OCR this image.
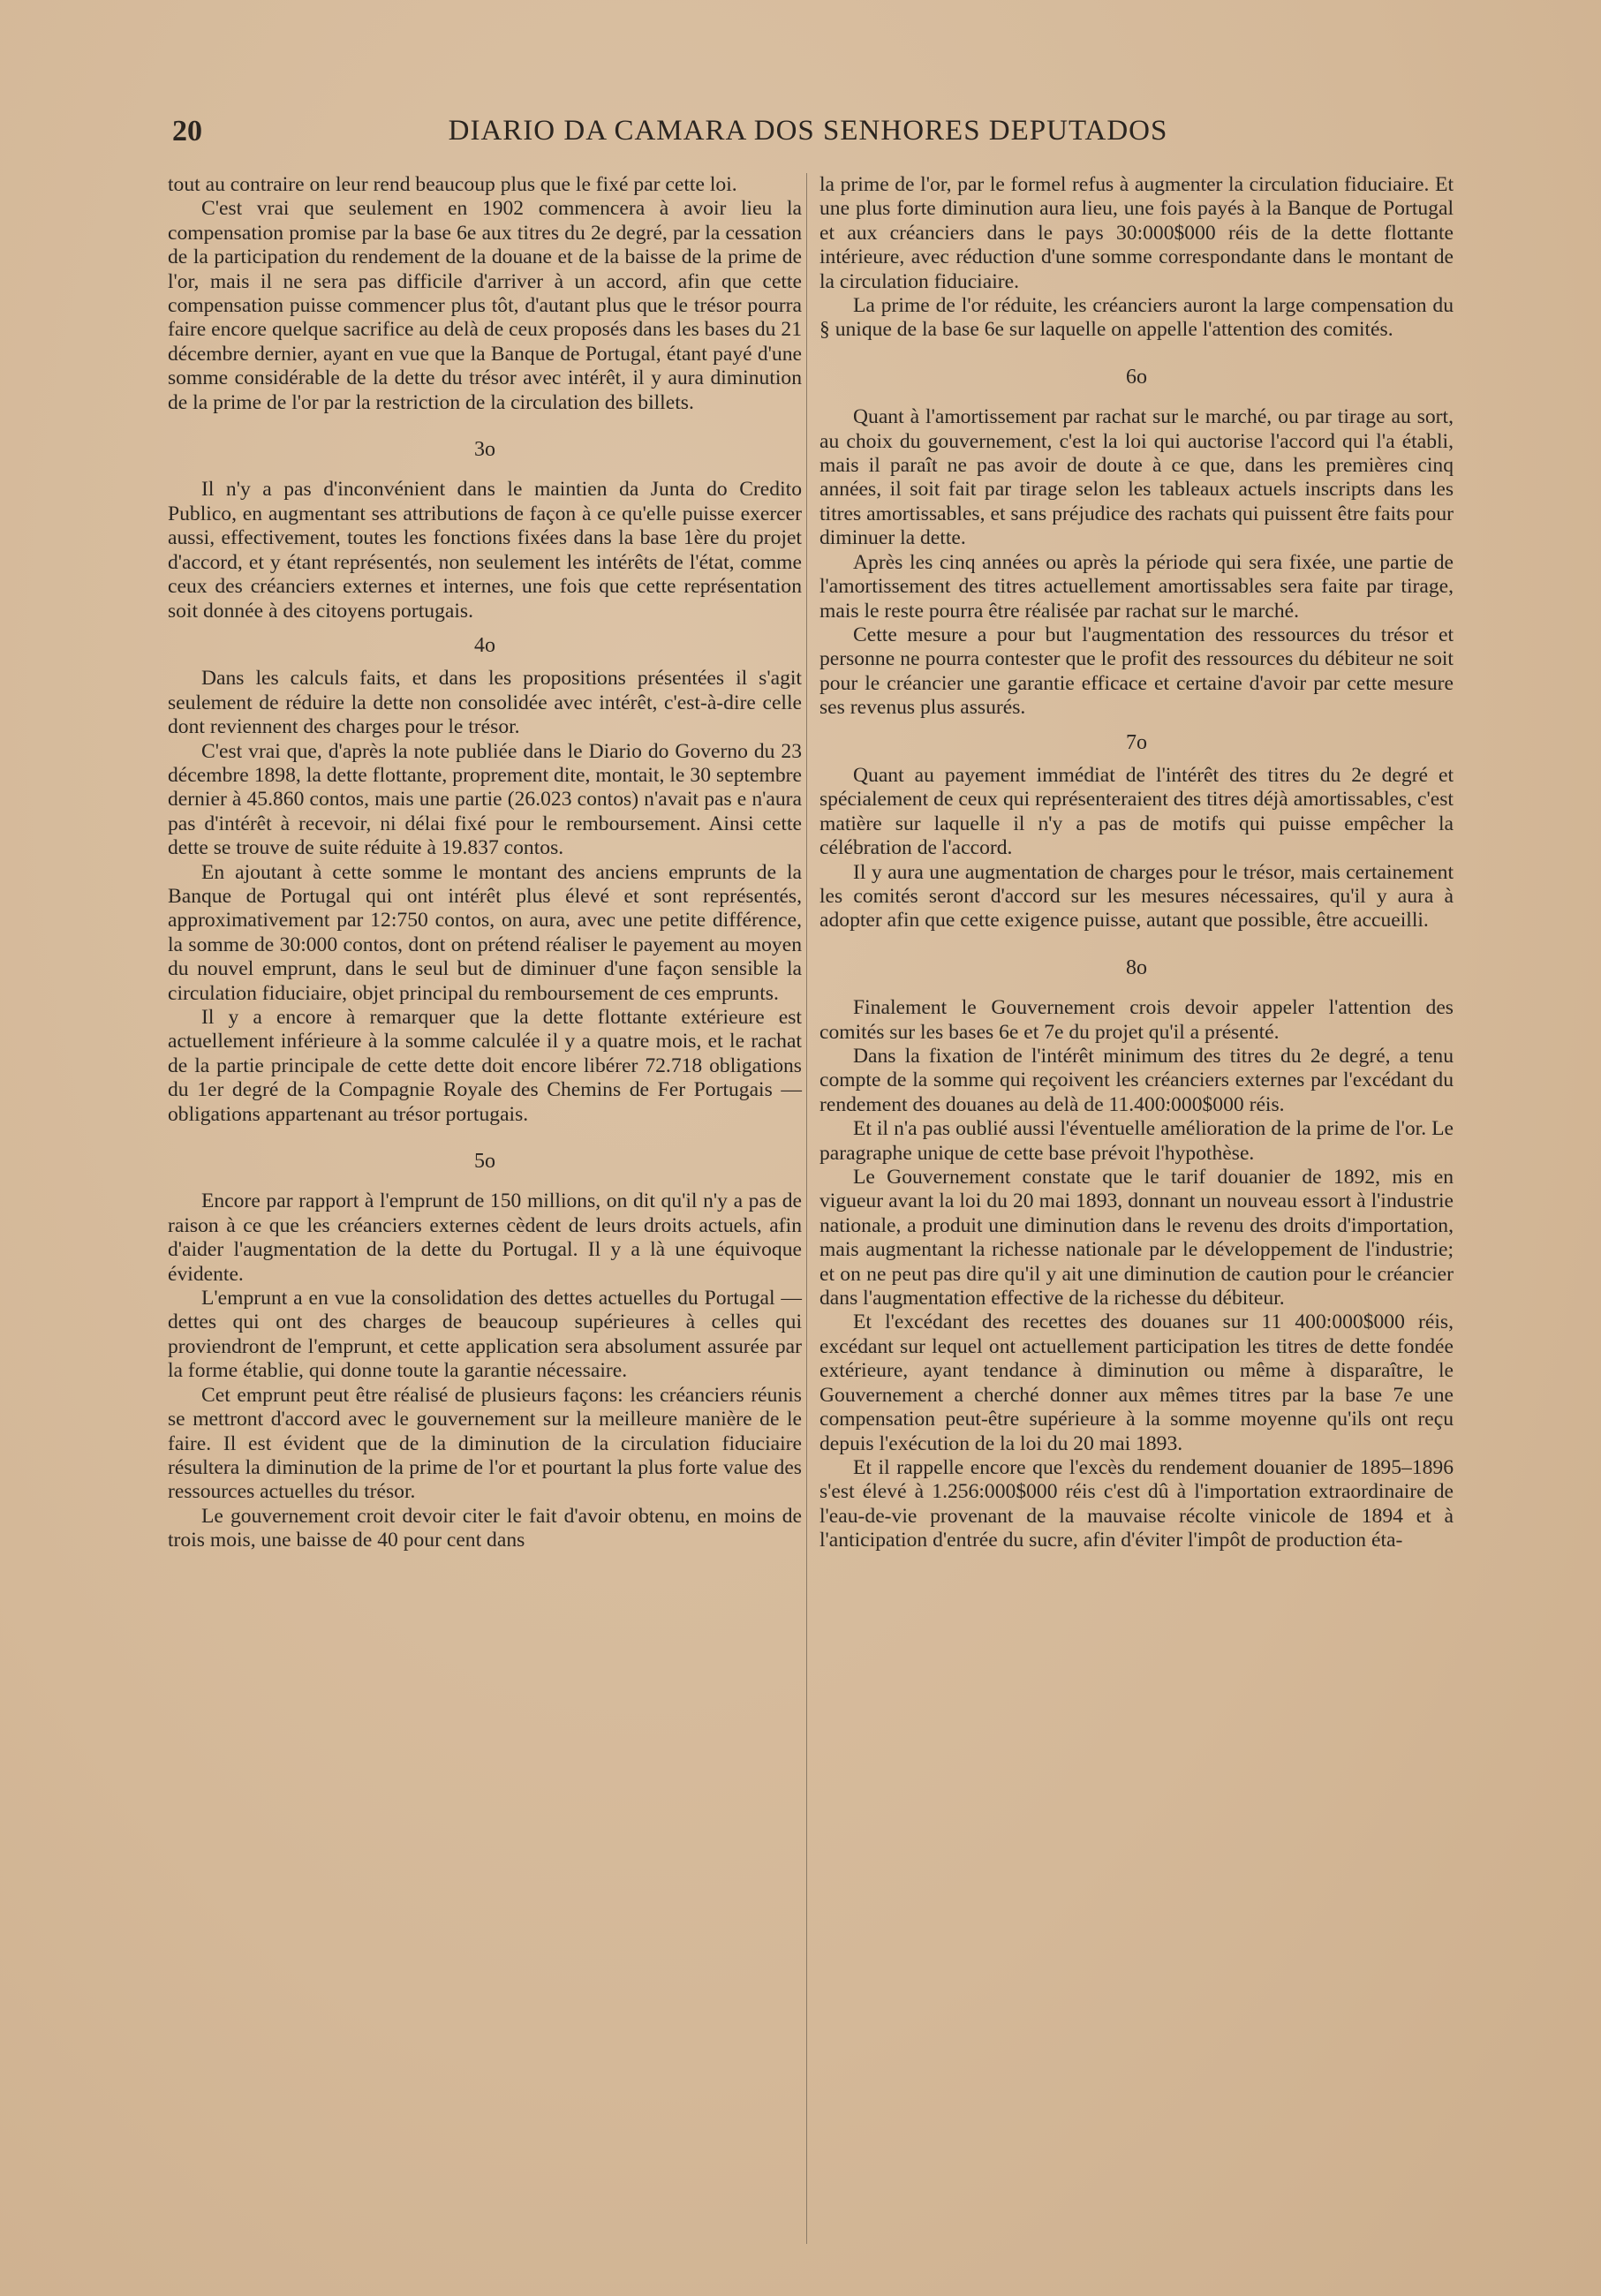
20	DIARIO DA CAMARA DOS SENHORES DEPUTADOS

tout au contraire on leur rend beaucoup plus que le fixé par cette loi.

C'est vrai que seulement en 1902 commencera à avoir lieu la compensation promise par la base 6e aux titres du 2e degré, par la cessation de la participation du rendement de la douane et de la baisse de la prime de l'or, mais il ne sera pas difficile d'arriver à un accord, afin que cette compensation puisse commencer plus tôt, d'autant plus que le trésor pourra faire encore quelque sacrifice au delà de ceux proposés dans les bases du 21 décembre dernier, ayant en vue que la Banque de Portugal, étant payé d'une somme considérable de la dette du trésor avec intérêt, il y aura diminution de la prime de l'or par la restriction de la circulation des billets.

3o

Il n'y a pas d'inconvénient dans le maintien da Junta do Credito Publico, en augmentant ses attributions de façon à ce qu'elle puisse exercer aussi, effectivement, toutes les fonctions fixées dans la base 1ère du projet d'accord, et y étant représentés, non seulement les intérêts de l'état, comme ceux des créanciers externes et internes, une fois que cette représentation soit donnée à des citoyens portugais.

4o

Dans les calculs faits, et dans les propositions présentées il s'agit seulement de réduire la dette non consolidée avec intérêt, c'est-à-dire celle dont reviennent des charges pour le trésor.

C'est vrai que, d'après la note publiée dans le Diario do Governo du 23 décembre 1898, la dette flottante, proprement dite, montait, le 30 septembre dernier à 45.860 contos, mais une partie (26.023 contos) n'avait pas e n'aura pas d'intérêt à recevoir, ni délai fixé pour le remboursement. Ainsi cette dette se trouve de suite réduite à 19.837 contos.

En ajoutant à cette somme le montant des anciens emprunts de la Banque de Portugal qui ont intérêt plus élevé et sont représentés, approximativement par 12:750 contos, on aura, avec une petite différence, la somme de 30:000 contos, dont on prétend réaliser le payement au moyen du nouvel emprunt, dans le seul but de diminuer d'une façon sensible la circulation fiduciaire, objet principal du remboursement de ces emprunts.

Il y a encore à remarquer que la dette flottante extérieure est actuellement inférieure à la somme calculée il y a quatre mois, et le rachat de la partie principale de cette dette doit encore libérer 72.718 obligations du 1er degré de la Compagnie Royale des Chemins de Fer Portugais — obligations appartenant au trésor portugais.

5o

Encore par rapport à l'emprunt de 150 millions, on dit qu'il n'y a pas de raison à ce que les créanciers externes cèdent de leurs droits actuels, afin d'aider l'augmentation de la dette du Portugal. Il y a là une équivoque évidente.

L'emprunt a en vue la consolidation des dettes actuelles du Portugal — dettes qui ont des charges de beaucoup supérieures à celles qui proviendront de l'emprunt, et cette application sera absolument assurée par la forme établie, qui donne toute la garantie nécessaire.

Cet emprunt peut être réalisé de plusieurs façons: les créanciers réunis se mettront d'accord avec le gouvernement sur la meilleure manière de le faire. Il est évident que de la diminution de la circulation fiduciaire résultera la diminution de la prime de l'or et pourtant la plus forte value des ressources actuelles du trésor.

Le gouvernement croit devoir citer le fait d'avoir obtenu, en moins de trois mois, une baisse de 40 pour cent dans

la prime de l'or, par le formel refus à augmenter la circulation fiduciaire. Et une plus forte diminution aura lieu, une fois payés à la Banque de Portugal et aux créanciers dans le pays 30:000$000 réis de la dette flottante intérieure, avec réduction d'une somme correspondante dans le montant de la circulation fiduciaire.

La prime de l'or réduite, les créanciers auront la large compensation du § unique de la base 6e sur laquelle on appelle l'attention des comités.

6o

Quant à l'amortissement par rachat sur le marché, ou par tirage au sort, au choix du gouvernement, c'est la loi qui auctorise l'accord qui l'a établi, mais il paraît ne pas avoir de doute à ce que, dans les premières cinq années, il soit fait par tirage selon les tableaux actuels inscripts dans les titres amortissables, et sans préjudice des rachats qui puissent être faits pour diminuer la dette.

Après les cinq années ou après la période qui sera fixée, une partie de l'amortissement des titres actuellement amortissables sera faite par tirage, mais le reste pourra être réalisée par rachat sur le marché.

Cette mesure a pour but l'augmentation des ressources du trésor et personne ne pourra contester que le profit des ressources du débiteur ne soit pour le créancier une garantie efficace et certaine d'avoir par cette mesure ses revenus plus assurés.

7o

Quant au payement immédiat de l'intérêt des titres du 2e degré et spécialement de ceux qui représenteraient des titres déjà amortissables, c'est matière sur laquelle il n'y a pas de motifs qui puisse empêcher la célébration de l'accord.

Il y aura une augmentation de charges pour le trésor, mais certainement les comités seront d'accord sur les mesures nécessaires, qu'il y aura à adopter afin que cette exigence puisse, autant que possible, être accueilli.

8o

Finalement le Gouvernement crois devoir appeler l'attention des comités sur les bases 6e et 7e du projet qu'il a présenté.

Dans la fixation de l'intérêt minimum des titres du 2e degré, a tenu compte de la somme qui reçoivent les créanciers externes par l'excédant du rendement des douanes au delà de 11.400:000$000 réis.

Et il n'a pas oublié aussi l'éventuelle amélioration de la prime de l'or. Le paragraphe unique de cette base prévoit l'hypothèse.

Le Gouvernement constate que le tarif douanier de 1892, mis en vigueur avant la loi du 20 mai 1893, donnant un nouveau essort à l'industrie nationale, a produit une diminution dans le revenu des droits d'importation, mais augmentant la richesse nationale par le développement de l'industrie; et on ne peut pas dire qu'il y ait une diminution de caution pour le créancier dans l'augmentation effective de la richesse du débiteur.

Et l'excédant des recettes des douanes sur 11 400:000$000 réis, excédant sur lequel ont actuellement participation les titres de dette fondée extérieure, ayant tendance à diminution ou même à disparaître, le Gouvernement a cherché donner aux mêmes titres par la base 7e une compensation peut-être supérieure à la somme moyenne qu'ils ont reçu depuis l'exécution de la loi du 20 mai 1893.

Et il rappelle encore que l'excès du rendement douanier de 1895–1896 s'est élevé à 1.256:000$000 réis c'est dû à l'importation extraordinaire de l'eau-de-vie provenant de la mauvaise récolte vinicole de 1894 et à l'anticipation d'entrée du sucre, afin d'éviter l'impôt de production éta-
